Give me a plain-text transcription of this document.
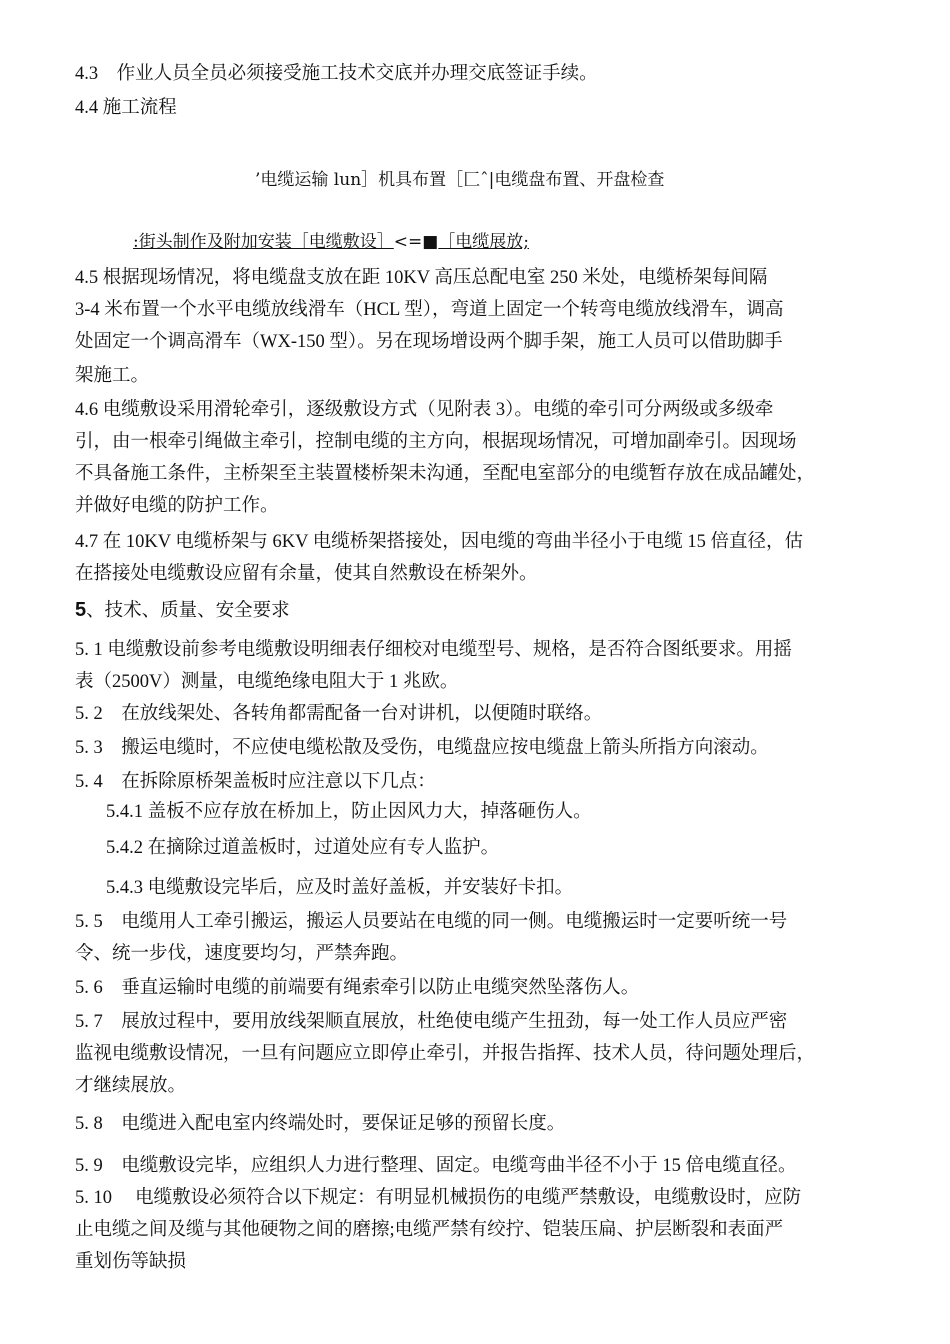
4.3　作业人员全员必须接受施工技术交底并办理交底签证手续。
4.4 施工流程
’电缆运输 lun］机具布置［匚ˆ|电缆盘布置、开盘检查
:街头制作及附加安装［电缆敷设］<=■［电缆展放;
4.5 根据现场情况，将电缆盘支放在距 10KV 高压总配电室 250 米处，电缆桥架每间隔
3-4 米布置一个水平电缆放线滑车（HCL 型），弯道上固定一个转弯电缆放线滑车，调高
处固定一个调高滑车（WX-150 型）。另在现场增设两个脚手架，施工人员可以借助脚手
架施工。
4.6 电缆敷设采用滑轮牵引，逐级敷设方式（见附表 3）。电缆的牵引可分两级或多级牵
引，由一根牵引绳做主牵引，控制电缆的主方向，根据现场情况，可增加副牵引。因现场
不具备施工条件，主桥架至主装置楼桥架未沟通，至配电室部分的电缆暂存放在成品罐处，
并做好电缆的防护工作。
4.7 在 10KV 电缆桥架与 6KV 电缆桥架搭接处，因电缆的弯曲半径小于电缆 15 倍直径，估
在搭接处电缆敷设应留有余量，使其自然敷设在桥架外。
5、技术、质量、安全要求
5. 1 电缆敷设前参考电缆敷设明细表仔细校对电缆型号、规格，是否符合图纸要求。用摇
表（2500V）测量，电缆绝缘电阻大于 1 兆欧。
5. 2　在放线架处、各转角都需配备一台对讲机，以便随时联络。
5. 3　搬运电缆时，不应使电缆松散及受伤，电缆盘应按电缆盘上箭头所指方向滚动。
5. 4　在拆除原桥架盖板时应注意以下几点：
5.4.1 盖板不应存放在桥加上，防止因风力大，掉落砸伤人。
5.4.2 在摘除过道盖板时，过道处应有专人监护。
5.4.3 电缆敷设完毕后，应及时盖好盖板，并安装好卡扣。
5. 5　电缆用人工牵引搬运，搬运人员要站在电缆的同一侧。电缆搬运时一定要听统一号
令、统一步伐，速度要均匀，严禁奔跑。
5. 6　垂直运输时电缆的前端要有绳索牵引以防止电缆突然坠落伤人。
5. 7　展放过程中，要用放线架顺直展放，杜绝使电缆产生扭劲，每一处工作人员应严密
监视电缆敷设情况，一旦有问题应立即停止牵引，并报告指挥、技术人员，待问题处理后，
才继续展放。
5. 8　电缆进入配电室内终端处时，要保证足够的预留长度。
5. 9　电缆敷设完毕，应组织人力进行整理、固定。电缆弯曲半径不小于 15 倍电缆直径。
5. 10　 电缆敷设必须符合以下规定：有明显机械损伤的电缆严禁敷设，电缆敷设时，应防
止电缆之间及缆与其他硬物之间的磨擦;电缆严禁有绞拧、铠装压扁、护层断裂和表面严
重划伤等缺损
